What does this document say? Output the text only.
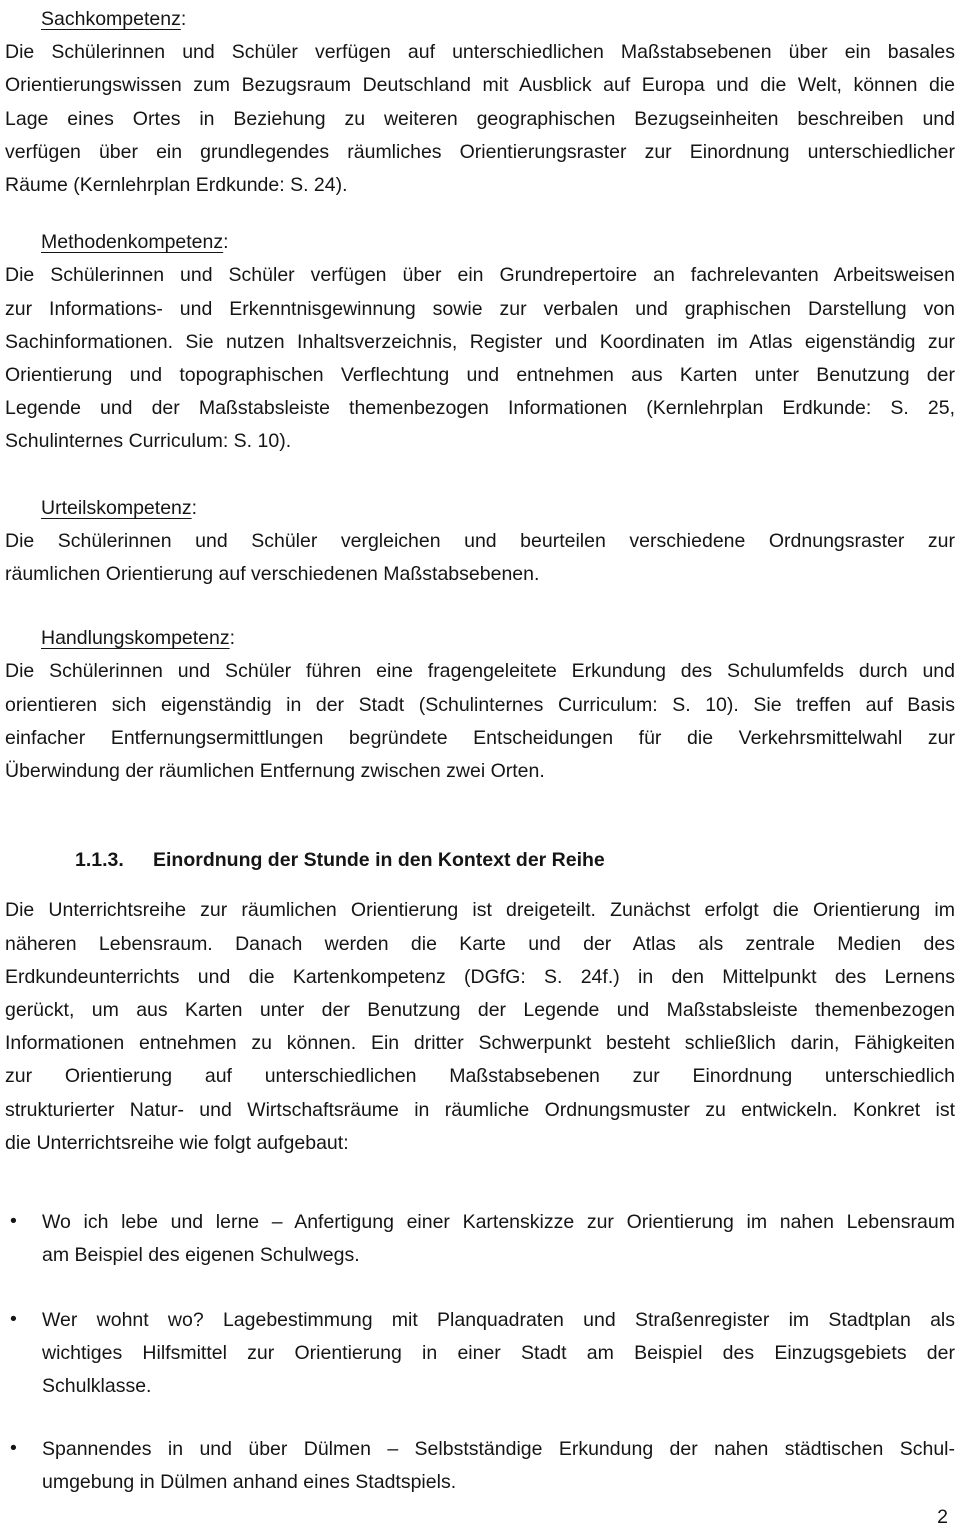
Sachkompetenz:
Die Schülerinnen und Schüler verfügen auf unterschiedlichen Maßstabsebenen über ein basales
Orientierungswissen zum Bezugsraum Deutschland mit Ausblick auf Europa und die Welt, können die
Lage eines Ortes in Beziehung zu weiteren geographischen Bezugseinheiten beschreiben und
verfügen über ein grundlegendes räumliches Orientierungsraster zur Einordnung unterschiedlicher
Räume (Kernlehrplan Erdkunde: S. 24).
Methodenkompetenz:
Die Schülerinnen und Schüler verfügen über ein Grundrepertoire an fachrelevanten Arbeitsweisen
zur Informations- und Erkenntnisgewinnung sowie zur verbalen und graphischen Darstellung von
Sachinformationen. Sie nutzen Inhaltsverzeichnis, Register und Koordinaten im Atlas eigenständig zur
Orientierung und topographischen Verflechtung und entnehmen aus Karten unter Benutzung der
Legende und der Maßstabsleiste themenbezogen Informationen (Kernlehrplan Erdkunde: S. 25,
Schulinternes Curriculum: S. 10).
Urteilskompetenz:
Die Schülerinnen und Schüler vergleichen und beurteilen verschiedene Ordnungsraster zur
räumlichen Orientierung auf verschiedenen Maßstabsebenen.
Handlungskompetenz:
Die Schülerinnen und Schüler führen eine fragengeleitete Erkundung des Schulumfelds durch und
orientieren sich eigenständig in der Stadt (Schulinternes Curriculum: S. 10). Sie treffen auf Basis
einfacher Entfernungsermittlungen begründete Entscheidungen für die Verkehrsmittelwahl zur
Überwindung der räumlichen Entfernung zwischen zwei Orten.
1.1.3. Einordnung der Stunde in den Kontext der Reihe
Die Unterrichtsreihe zur räumlichen Orientierung ist dreigeteilt. Zunächst erfolgt die Orientierung im
näheren Lebensraum. Danach werden die Karte und der Atlas als zentrale Medien des
Erdkundeunterrichts und die Kartenkompetenz (DGfG: S. 24f.) in den Mittelpunkt des Lernens
gerückt, um aus Karten unter der Benutzung der Legende und Maßstabsleiste themenbezogen
Informationen entnehmen zu können. Ein dritter Schwerpunkt besteht schließlich darin, Fähigkeiten
zur Orientierung auf unterschiedlichen Maßstabsebenen zur Einordnung unterschiedlich
strukturierter Natur- und Wirtschaftsräume in räumliche Ordnungsmuster zu entwickeln. Konkret ist
die Unterrichtsreihe wie folgt aufgebaut:
• Wo ich lebe und lerne – Anfertigung einer Kartenskizze zur Orientierung im nahen Lebensraum
am Beispiel des eigenen Schulwegs.
• Wer wohnt wo? Lagebestimmung mit Planquadraten und Straßenregister im Stadtplan als
wichtiges Hilfsmittel zur Orientierung in einer Stadt am Beispiel des Einzugsgebiets der
Schulklasse.
• Spannendes in und über Dülmen – Selbstständige Erkundung der nahen städtischen Schul-
umgebung in Dülmen anhand eines Stadtspiels.
2
